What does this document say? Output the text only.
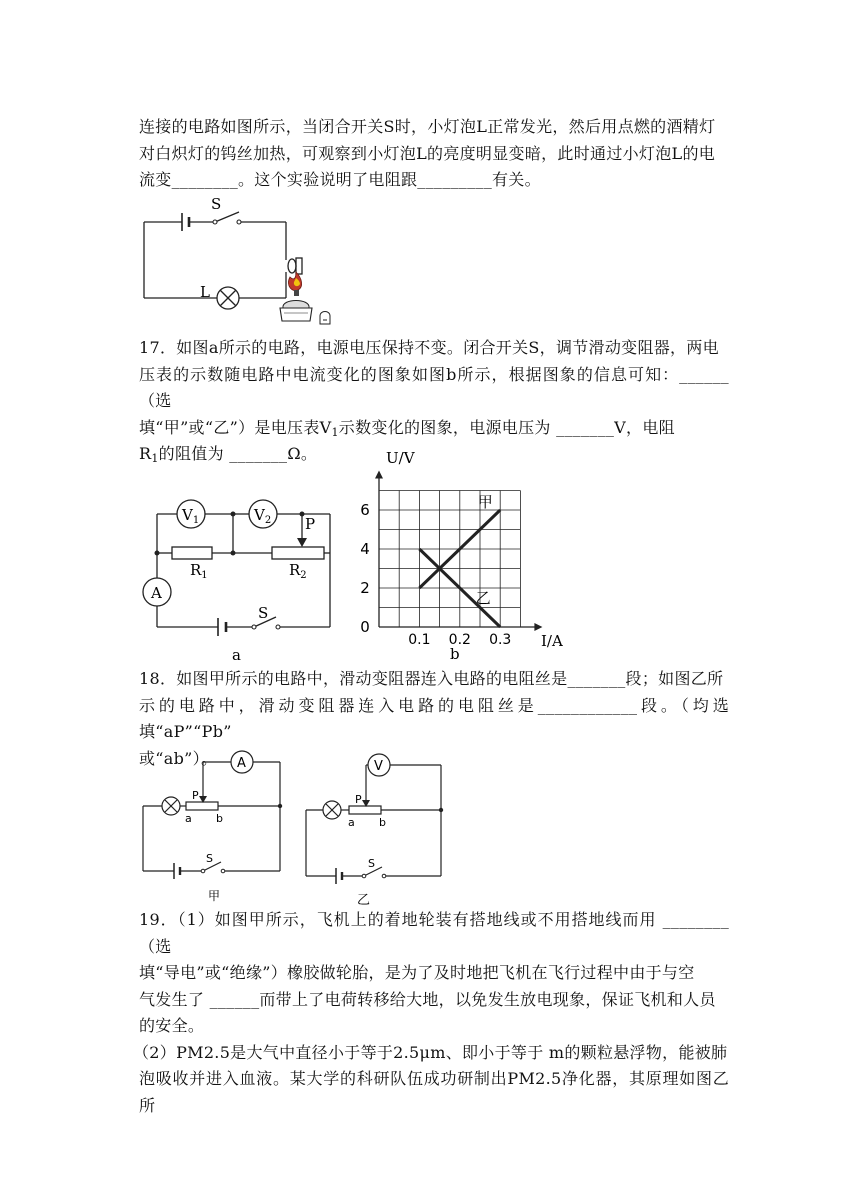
连接的电路如图所示，当闭合开关S时，小灯泡L正常发光，然后用点燃的酒精灯

对白炽灯的钨丝加热，可观察到小灯泡L的亮度明显变暗，此时通过小灯泡L的电

流变________。这个实验说明了电阻跟_________有关。

S
L

17．如图a所示的电路，电源电压保持不变。闭合开关S，调节滑动变阻器，两电

压表的示数随电路中电流变化的图象如图b所示，根据图象的信息可知：______（选

填“甲”或“乙”）是电压表$V_1$示数变化的图象，电源电压为 _______V，电阻

$R_1$的阻值为 _______Ω。

$V_1$	$V_2$ P
$R_1$	$R_2$
A
S
a
0
2
4
6
0.1 0.2 0.3
甲
乙
U/V
I/A
b

18．如图甲所示的电路中，滑动变阻器连入电路的电阻丝是_______段；如图乙所

示的电路中，滑动变阻器连入电路的电阻丝是____________段。（均选填“aP”“Pb”

或“ab”）。	A
P
a b
S
甲
V
P
a b
S
乙

19．（1）如图甲所示，飞机上的着地轮装有搭地线或不用搭地线而用 ________（选

填“导电”或“绝缘”）橡胶做轮胎，是为了及时地把飞机在飞行过程中由于与空

气发生了 ______而带上了电荷转移给大地，以免发生放电现象，保证飞机和人员

的安全。

（2）PM2.5是大气中直径小于等于2.5μm、即小于等于 m的颗粒悬浮物，能被肺

泡吸收并进入血液。某大学的科研队伍成功研制出PM2.5净化器，其原理如图乙所
